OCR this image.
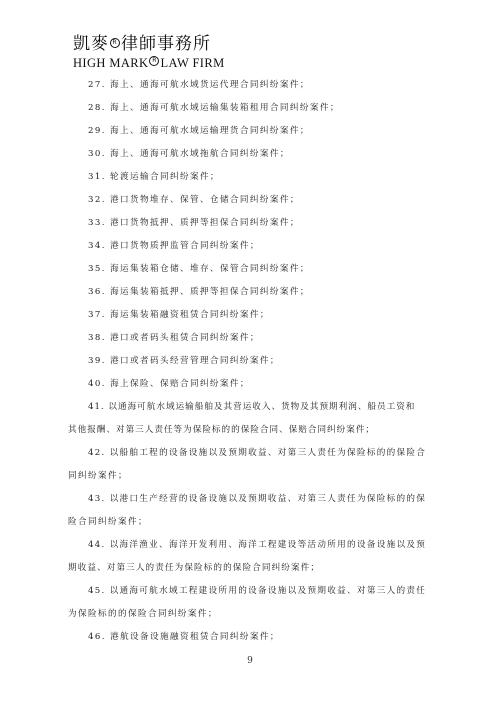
凱麥 R 律師事務所
HIGH MARK R LAW FIRM
27. 海上、通海可航水域货运代理合同纠纷案件；
28. 海上、通海可航水域运输集装箱租用合同纠纷案件；
29. 海上、通海可航水域运输理货合同纠纷案件；
30. 海上、通海可航水域拖航合同纠纷案件；
31. 轮渡运输合同纠纷案件；
32. 港口货物堆存、保管、仓储合同纠纷案件；
33. 港口货物抵押、质押等担保合同纠纷案件；
34. 港口货物质押监管合同纠纷案件；
35. 海运集装箱仓储、堆存、保管合同纠纷案件；
36. 海运集装箱抵押、质押等担保合同纠纷案件；
37. 海运集装箱融资租赁合同纠纷案件；
38. 港口或者码头租赁合同纠纷案件；
39. 港口或者码头经营管理合同纠纷案件；
40. 海上保险、保赔合同纠纷案件；
41. 以通海可航水域运输船舶及其营运收入、货物及其预期利润、船员工资和
其他报酬、对第三人责任等为保险标的的保险合同、保赔合同纠纷案件；
42. 以船舶工程的设备设施以及预期收益、对第三人责任为保险标的的保险合
同纠纷案件；
43. 以港口生产经营的设备设施以及预期收益、对第三人责任为保险标的的保
险合同纠纷案件；
44. 以海洋渔业、海洋开发利用、海洋工程建设等活动所用的设备设施以及预
期收益、对第三人的责任为保险标的的保险合同纠纷案件；
45. 以通海可航水域工程建设所用的设备设施以及预期收益、对第三人的责任
为保险标的的保险合同纠纷案件；
46. 港航设备设施融资租赁合同纠纷案件；
9
